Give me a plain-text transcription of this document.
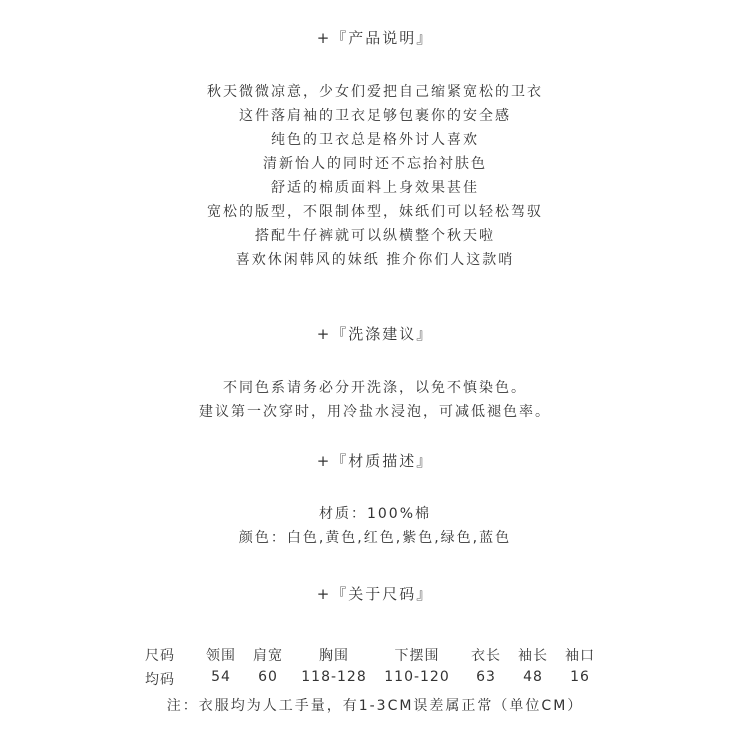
+『产品说明』
秋天微微凉意，少女们爱把自己缩紧宽松的卫衣
这件落肩袖的卫衣足够包裹你的安全感
纯色的卫衣总是格外讨人喜欢
清新怡人的同时还不忘抬衬肤色
舒适的棉质面料上身效果甚佳
宽松的版型，不限制体型，妹纸们可以轻松驾驭
搭配牛仔裤就可以纵横整个秋天啦
喜欢休闲韩风的妹纸 推介你们人这款哨
+『洗涤建议』
不同色系请务必分开洗涤，以免不慎染色。
建议第一次穿时，用冷盐水浸泡，可减低褪色率。
+『材质描述』
材质：100%棉
颜色：白色,黄色,红色,紫色,绿色,蓝色
+『关于尺码』
尺码 领围 肩宽	胸围	下摆围 衣长 袖长 袖口
均码	54 60 118-128 110-120 63 48 16
注：衣服均为人工手量，有1-3CM误差属正常（单位CM）
